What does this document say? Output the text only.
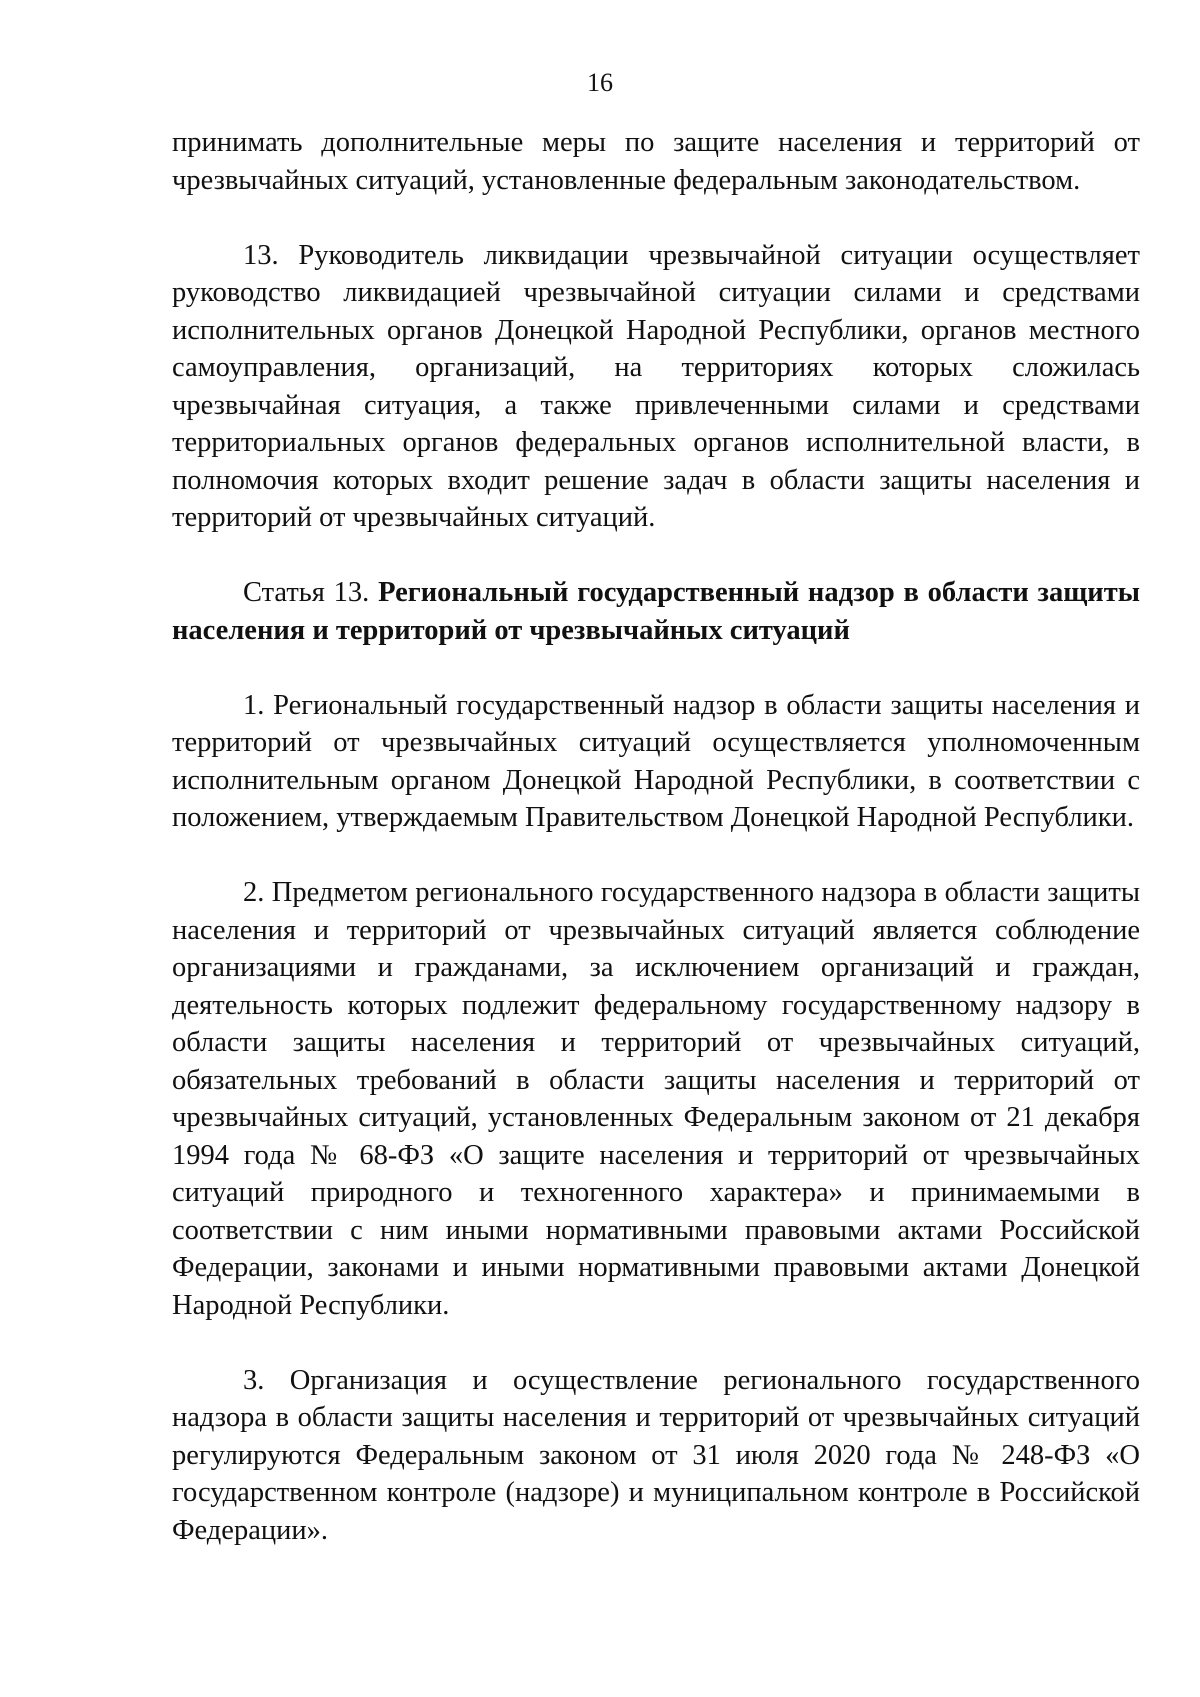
16

принимать дополнительные меры по защите населения и территорий от чрезвычайных ситуаций, установленные федеральным законодательством.

13. Руководитель ликвидации чрезвычайной ситуации осуществляет руководство ликвидацией чрезвычайной ситуации силами и средствами исполнительных органов Донецкой Народной Республики, органов местного самоуправления, организаций, на территориях которых сложилась чрезвычайная ситуация, а также привлеченными силами и средствами территориальных органов федеральных органов исполнительной власти, в полномочия которых входит решение задач в области защиты населения и территорий от чрезвычайных ситуаций.

Статья 13. Региональный государственный надзор в области защиты населения и территорий от чрезвычайных ситуаций

1. Региональный государственный надзор в области защиты населения и территорий от чрезвычайных ситуаций осуществляется уполномоченным исполнительным органом Донецкой Народной Республики, в соответствии с положением, утверждаемым Правительством Донецкой Народной Республики.

2. Предметом регионального государственного надзора в области защиты населения и территорий от чрезвычайных ситуаций является соблюдение организациями и гражданами, за исключением организаций и граждан, деятельность которых подлежит федеральному государственному надзору в области защиты населения и территорий от чрезвычайных ситуаций, обязательных требований в области защиты населения и территорий от чрезвычайных ситуаций, установленных Федеральным законом от 21 декабря 1994 года № 68-ФЗ «О защите населения и территорий от чрезвычайных ситуаций природного и техногенного характера» и принимаемыми в соответствии с ним иными нормативными правовыми актами Российской Федерации, законами и иными нормативными правовыми актами Донецкой Народной Республики.

3. Организация и осуществление регионального государственного надзора в области защиты населения и территорий от чрезвычайных ситуаций регулируются Федеральным законом от 31 июля 2020 года № 248-ФЗ «О государственном контроле (надзоре) и муниципальном контроле в Российской Федерации».
